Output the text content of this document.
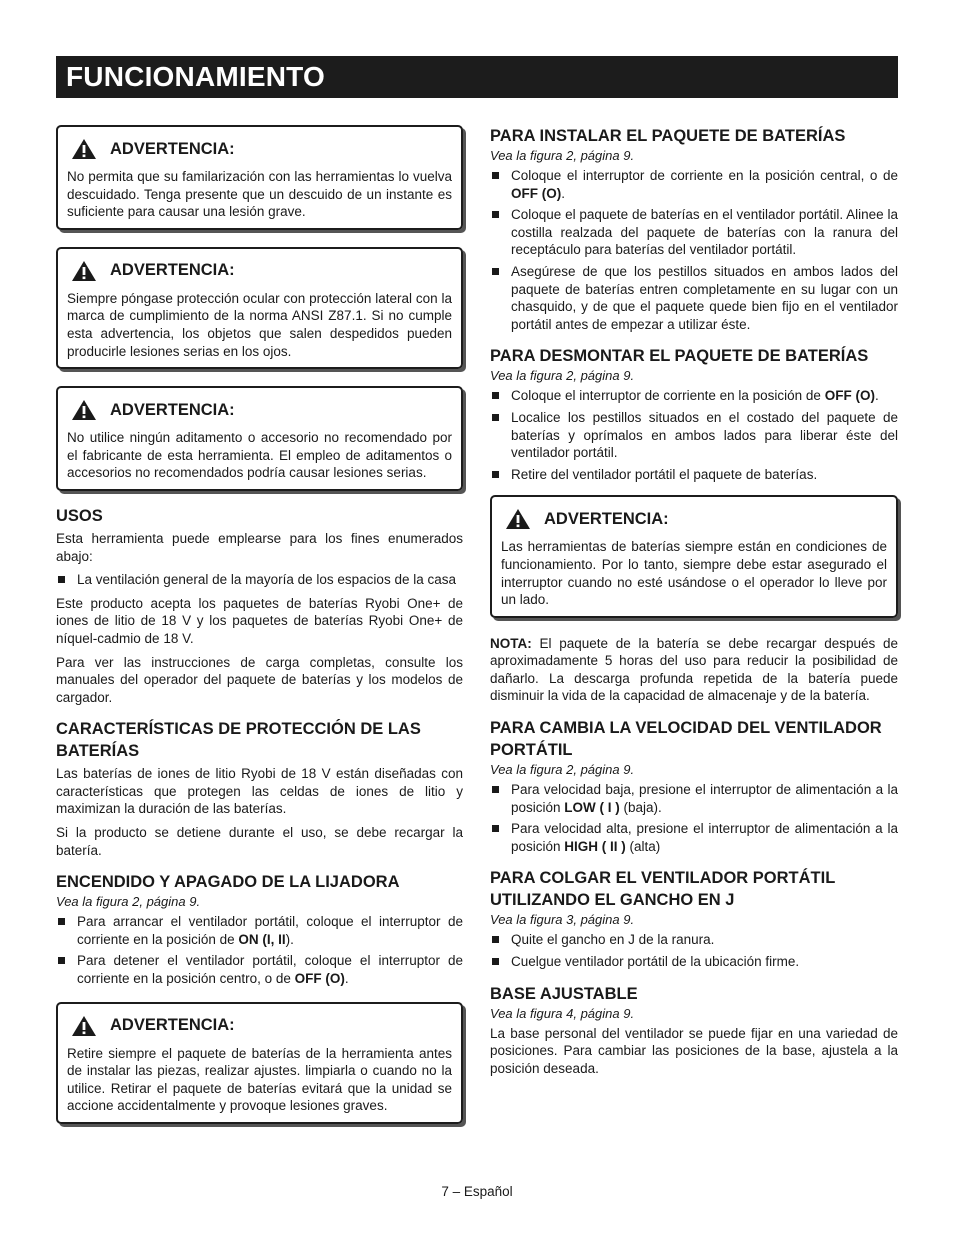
FUNCIONAMIENTO
ADVERTENCIA:
No permita que su familarización con las herramientas lo vuelva descuidado. Tenga presente que un descuido de un instante es suficiente para causar una lesión grave.
ADVERTENCIA:
Siempre póngase protección ocular con protección lateral con la marca de cumplimiento de la norma ANSI Z87.1. Si no cumple esta advertencia, los objetos que salen despedidos pueden producirle lesiones serias en los ojos.
ADVERTENCIA:
No utilice ningún aditamento o accesorio no recomendado por el fabricante de esta herramienta. El empleo de aditamentos o accesorios no recomendados podría causar lesiones serias.
USOS

Esta herramienta puede emplearse para los fines enumerados abajo:

La ventilación general de la mayoría de los espacios de la casa

Este producto acepta los paquetes de baterías Ryobi One+ de iones de litio de 18 V y los paquetes de baterías Ryobi One+ de níquel-cadmio de 18 V.

Para ver las instrucciones de carga completas, consulte los manuales del operador del paquete de baterías y los modelos de cargador.

CARACTERÍSTICAS DE PROTECCIÓN DE LAS BATERÍAS

Las baterías de iones de litio Ryobi de 18 V están diseñadas con características que protegen las celdas de iones de litio y maximizan la duración de las baterías.

Si la producto se detiene durante el uso, se debe recargar la batería.

ENCENDIDO Y APAGADO DE LA LIJADORA
Vea la figura 2, página 9.
Para arrancar el ventilador portátil, coloque el interruptor de corriente en la posición de ON (I, II).
Para detener el ventilador portátil, coloque el interruptor de corriente en la posición centro, o de OFF (O).
ADVERTENCIA:
Retire siempre el paquete de baterías de la herramienta antes de instalar las piezas, realizar ajustes. limpiarla o cuando no la utilice. Retirar el paquete de baterías evitará que la unidad se accione accidentalmente y provoque lesiones graves.
PARA INSTALAR EL PAQUETE DE BATERÍAS
Vea la figura 2, página 9.
Coloque el interruptor de corriente en la posición central, o de OFF (O).
Coloque el paquete de baterías en el ventilador portátil. Alinee la costilla realzada del paquete de baterías con la ranura del receptáculo para baterías del ventilador portátil.
Asegúrese de que los pestillos situados en ambos lados del paquete de baterías entren completamente en su lugar con un chasquido, y de que el paquete quede bien fijo en el ventilador portátil antes de empezar a utilizar éste.
PARA DESMONTAR EL PAQUETE DE BATERÍAS
Vea la figura 2, página 9.
Coloque el interruptor de corriente en la posición de OFF (O).
Localice los pestillos situados en el costado del paquete de baterías y oprímalos en ambos lados para liberar éste del ventilador portátil.
Retire del ventilador portátil el paquete de baterías.
ADVERTENCIA:
Las herramientas de baterías siempre están en condiciones de funcionamiento. Por lo tanto, siempre debe estar asegurado el interruptor cuando no esté usándose o el operador lo lleve por un lado.

NOTA: El paquete de la batería se debe recargar después de aproximadamente 5 horas del uso para reducir la posibilidad de dañarlo. La descarga profunda repetida de la batería puede disminuir la vida de la capacidad de almacenaje y de la batería.

PARA CAMBIA LA VELOCIDAD DEL VENTILADOR PORTÁTIL
Vea la figura 2, página 9.
Para velocidad baja, presione el interruptor de alimentación a la posición LOW ( I ) (baja).
Para velocidad alta, presione el interruptor de alimentación a la posición HIGH ( II ) (alta)
PARA COLGAR EL VENTILADOR PORTÁTIL UTILIZANDO EL GANCHO EN J
Vea la figura 3, página 9.
Quite el gancho en J de la ranura.
Cuelgue ventilador portátil de la ubicación firme.
BASE AJUSTABLE
Vea la figura 4, página 9.

La base personal del ventilador se puede fijar en una variedad de posiciones. Para cambiar las posiciones de la base, ajustela a la posición deseada.

7 – Español
